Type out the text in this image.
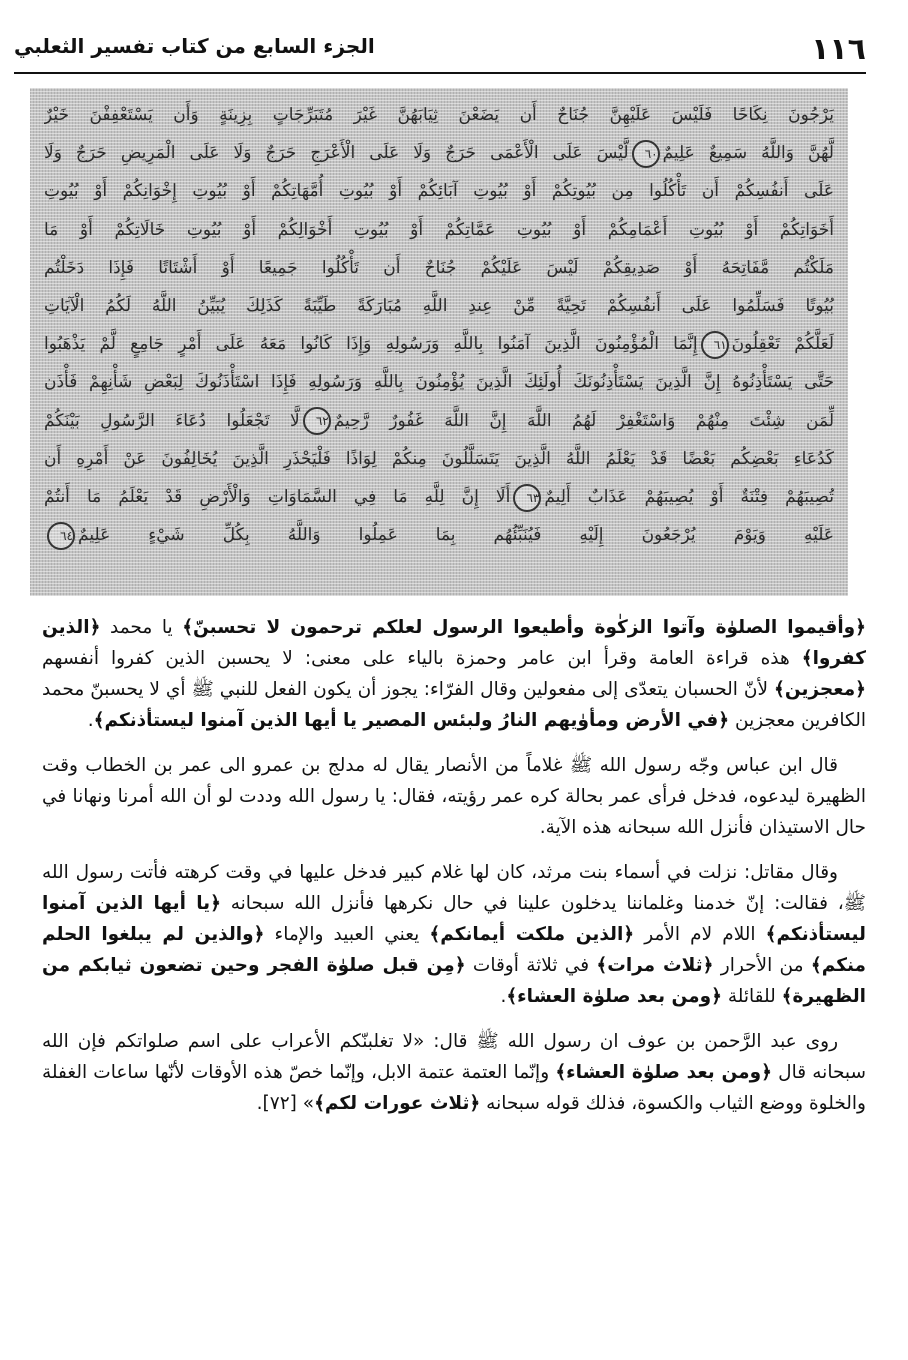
١١٦
الجزء السابع من كتاب تفسير الثعلبي
يَرْجُونَ نِكَاحًا فَلَيْسَ عَلَيْهِنَّ جُنَاحٌ أَن يَضَعْنَ ثِيَابَهُنَّ غَيْرَ مُتَبَرِّجَاتٍ بِزِينَةٍ وَأَن يَسْتَعْفِفْنَ خَيْرٌ
لَّهُنَّ وَاللَّهُ سَمِيعٌ عَلِيمٌ٦٠لَّيْسَ عَلَى الْأَعْمَى حَرَجٌ وَلَا عَلَى الْأَعْرَجِ حَرَجٌ وَلَا عَلَى الْمَرِيضِ حَرَجٌ وَلَا
عَلَى أَنفُسِكُمْ أَن تَأْكُلُوا مِن بُيُوتِكُمْ أَوْ بُيُوتِ آبَائِكُمْ أَوْ بُيُوتِ أُمَّهَاتِكُمْ أَوْ بُيُوتِ إِخْوَانِكُمْ أَوْ بُيُوتِ
أَخَوَاتِكُمْ أَوْ بُيُوتِ أَعْمَامِكُمْ أَوْ بُيُوتِ عَمَّاتِكُمْ أَوْ بُيُوتِ أَخْوَالِكُمْ أَوْ بُيُوتِ خَالَاتِكُمْ أَوْ مَا
مَلَكْتُم مَّفَاتِحَهُ أَوْ صَدِيقِكُمْ لَيْسَ عَلَيْكُمْ جُنَاحٌ أَن تَأْكُلُوا جَمِيعًا أَوْ أَشْتَاتًا فَإِذَا دَخَلْتُم
بُيُوتًا فَسَلِّمُوا عَلَى أَنفُسِكُمْ تَحِيَّةً مِّنْ عِندِ اللَّهِ مُبَارَكَةً طَيِّبَةً كَذَلِكَ يُبَيِّنُ اللَّهُ لَكُمُ الْآيَاتِ
لَعَلَّكُمْ تَعْقِلُونَ٦١إِنَّمَا الْمُؤْمِنُونَ الَّذِينَ آمَنُوا بِاللَّهِ وَرَسُولِهِ وَإِذَا كَانُوا مَعَهُ عَلَى أَمْرٍ جَامِعٍ لَّمْ يَذْهَبُوا
حَتَّى يَسْتَأْذِنُوهُ إِنَّ الَّذِينَ يَسْتَأْذِنُونَكَ أُولَئِكَ الَّذِينَ يُؤْمِنُونَ بِاللَّهِ وَرَسُولِهِ فَإِذَا اسْتَأْذَنُوكَ لِبَعْضِ شَأْنِهِمْ فَأْذَن
لِّمَن شِئْتَ مِنْهُمْ وَاسْتَغْفِرْ لَهُمُ اللَّهَ إِنَّ اللَّهَ غَفُورٌ رَّحِيمٌ٦٢لَّا تَجْعَلُوا دُعَاءَ الرَّسُولِ بَيْنَكُمْ
كَدُعَاءِ بَعْضِكُم بَعْضًا قَدْ يَعْلَمُ اللَّهُ الَّذِينَ يَتَسَلَّلُونَ مِنكُمْ لِوَاذًا فَلْيَحْذَرِ الَّذِينَ يُخَالِفُونَ عَنْ أَمْرِهِ أَن
تُصِيبَهُمْ فِتْنَةٌ أَوْ يُصِيبَهُمْ عَذَابٌ أَلِيمٌ٦٣أَلَا إِنَّ لِلَّهِ مَا فِي السَّمَاوَاتِ وَالْأَرْضِ قَدْ يَعْلَمُ مَا أَنتُمْ
عَلَيْهِ وَيَوْمَ يُرْجَعُونَ إِلَيْهِ فَيُنَبِّئُهُم بِمَا عَمِلُوا وَاللَّهُ بِكُلِّ شَيْءٍ عَلِيمٌ٦٤

﴿وأقيموا الصلوٰة وآتوا الزكٰوة وأطيعوا الرسول لعلكم ترحمون لا تحسبنّ﴾ يا محمد ﴿الذين كفروا﴾ هذه قراءة العامة وقرأ ابن عامر وحمزة بالياء على معنى: لا يحسبن الذين كفروا أنفسهم ﴿معجزين﴾ لأنّ الحسبان يتعدّى إلى مفعولين وقال الفرّاء: يجوز أن يكون الفعل للنبي ﷺ أي لا يحسبنّ محمد الكافرين معجزين ﴿في الأرض ومأوٰيهم النارُ ولبئس المصير يا أيها الذين آمنوا ليستأذنكم﴾.

قال ابن عباس وجّه رسول الله ﷺ غلاماً من الأنصار يقال له مدلج بن عمرو الى عمر بن الخطاب وقت الظهيرة ليدعوه، فدخل فرأى عمر بحالة كره عمر رؤيته، فقال: يا رسول الله وددت لو أن الله أمرنا ونهانا في حال الاستيذان فأنزل الله سبحانه هذه الآية.

وقال مقاتل: نزلت في أسماء بنت مرثد، كان لها غلام كبير فدخل عليها في وقت كرهته فأتت رسول الله ﷺ، فقالت: إنّ خدمنا وغلماننا يدخلون علينا في حال نكرهها فأنزل الله سبحانه ﴿يا أيها الذين آمنوا ليستأذنكم﴾ اللام لام الأمر ﴿الذين ملكت أيمانكم﴾ يعني العبيد والإماء ﴿والذين لم يبلغوا الحلم منكم﴾ من الأحرار ﴿ثلاث مرات﴾ في ثلاثة أوقات ﴿مِن قبل صلوٰة الفجر وحين تضعون ثيابكم من الظهيرة﴾ للقائلة ﴿ومن بعد صلوٰة العشاء﴾.

روى عبد الرَّحمن بن عوف ان رسول الله ﷺ قال: «لا تغلبنّكم الأعراب على اسم صلواتكم فإن الله سبحانه قال ﴿ومن بعد صلوٰة العشاء﴾ وإنّما العتمة عتمة الابل، وإنّما خصّ هذه الأوقات لأنّها ساعات الغفلة والخلوة ووضع الثياب والكسوة، فذلك قوله سبحانه ﴿ثلاث عورات لكم﴾» [٧٢].
